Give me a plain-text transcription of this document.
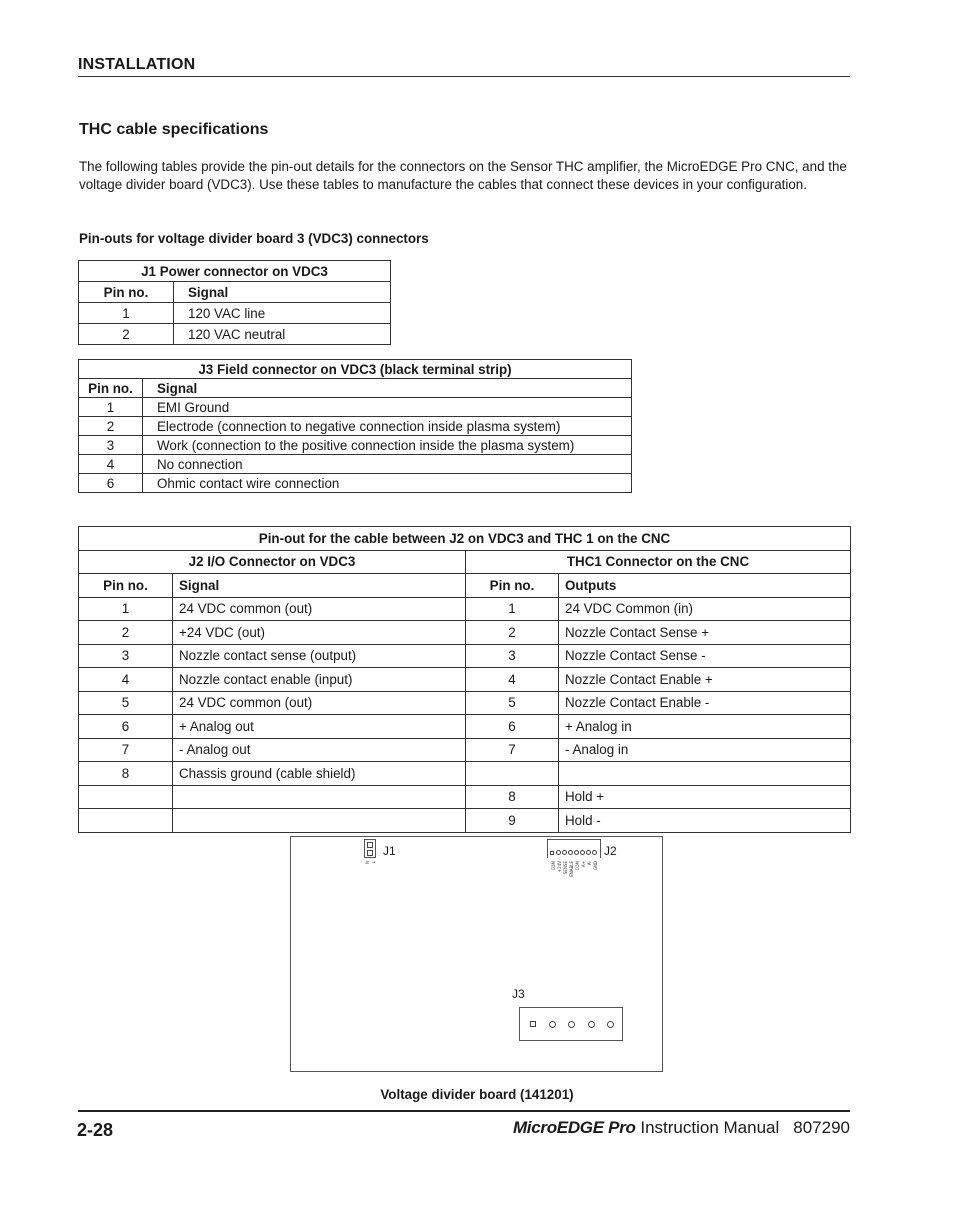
INSTALLATION
THC cable specifications
The following tables provide the pin-out details for the connectors on the Sensor THC amplifier, the MicroEDGE Pro CNC, and the voltage divider board (VDC3). Use these tables to manufacture the cables that connect these devices in your configuration.
Pin-outs for voltage divider board 3 (VDC3) connectors
J1 Power connector on VDC3	
Pin no.	Signal
1	120 VAC line
2	120 VAC neutral
J3 Field connector on VDC3 (black terminal strip)	
Pin no.	Signal
1	EMI Ground
2	Electrode (connection to negative connection inside plasma system)
3	Work (connection to the positive connection inside the plasma system)
4	No connection
6	Ohmic contact wire connection
Pin-out for the cable between J2 on VDC3 and THC 1 on the CNC			
J2 I/O Connector on VDC3		THC1 Connector on the CNC	
Pin no.	Signal	Pin no.	Outputs
1	24 VDC common (out)	1	24 VDC Common (in)
2	+24 VDC (out)	2	Nozzle Contact Sense +
3	Nozzle contact sense (output)	3	Nozzle Contact Sense -
4	Nozzle contact enable (input)	4	Nozzle Contact Enable +
5	24 VDC common (out)	5	Nozzle Contact Enable -
6	+ Analog out	6	+ Analog in
7	- Analog out	7	- Analog in
8	Chassis ground (cable shield)		
		8	Hold +
		9	Hold -
N L
J1
COM +24V SENSE ENABLE COM A+ A- GND
J2
J3
Voltage divider board (141201)
2-28	MicroEDGE Pro Instruction Manual 807290
